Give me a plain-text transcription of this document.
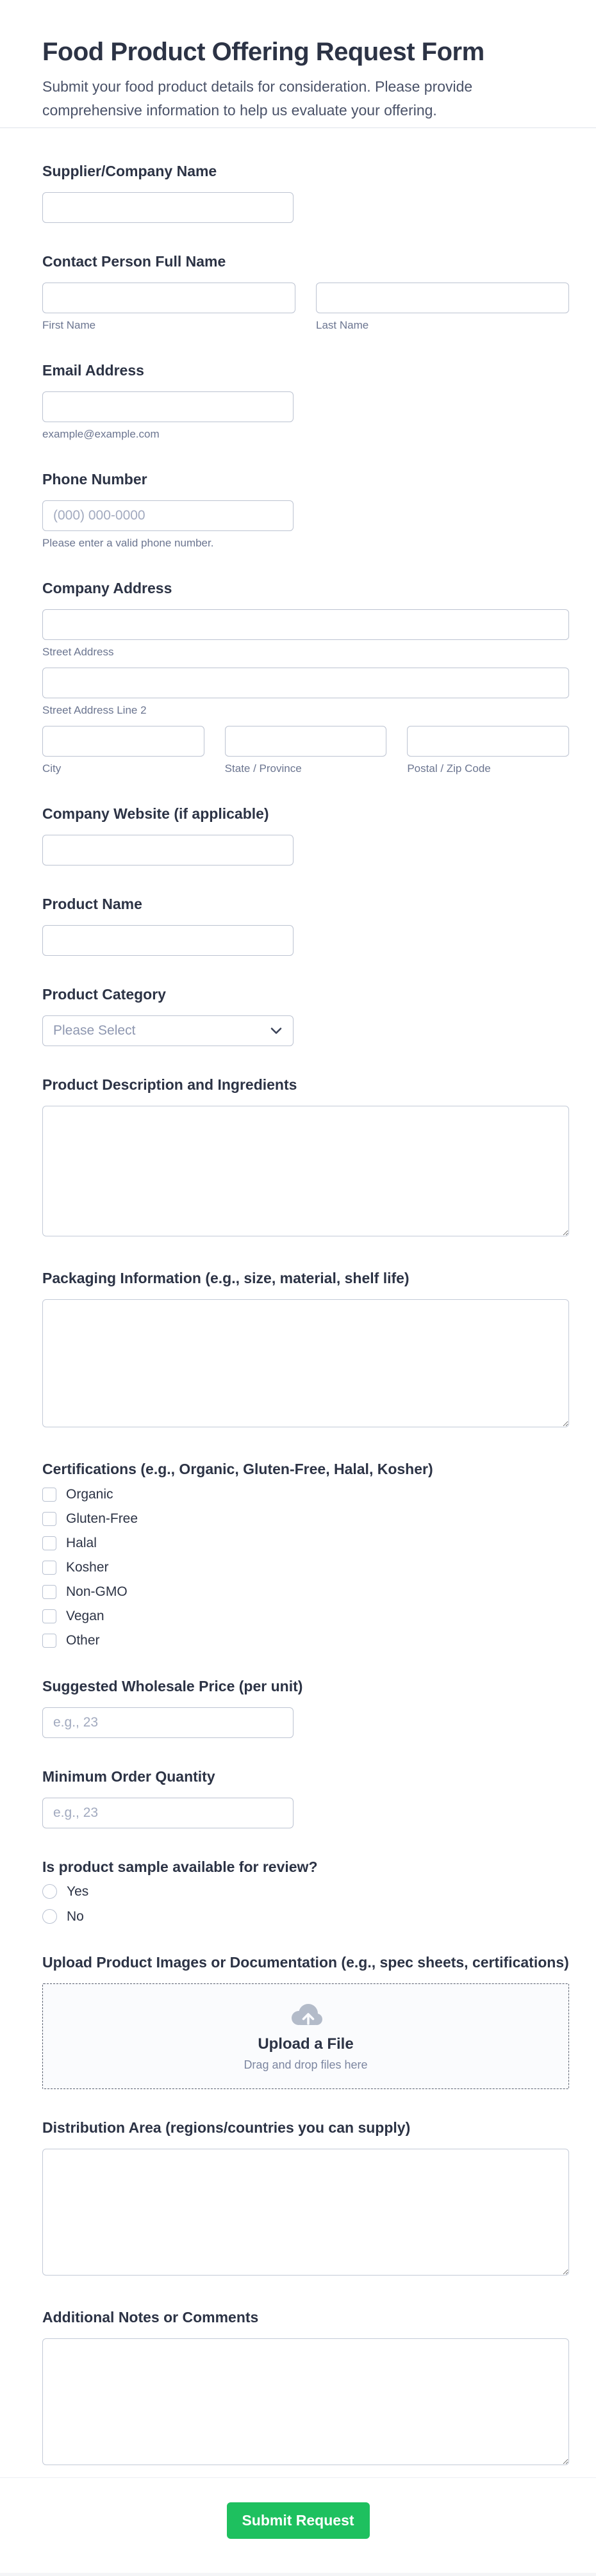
Food Product Offering Request Form
Submit your food product details for consideration. Please provide comprehensive information to help us evaluate your offering.
Supplier/Company Name
Contact Person Full Name
First Name	Last Name
Email Address
example@example.com
Phone Number
(000) 000-0000
Please enter a valid phone number.
Company Address
Street Address
Street Address Line 2
City	State / Province	Postal / Zip Code
Company Website (if applicable)
Product Name
Product Category
Please Select
Product Description and Ingredients
Packaging Information (e.g., size, material, shelf life)
Certifications (e.g., Organic, Gluten-Free, Halal, Kosher)
Organic
Gluten-Free
Halal
Kosher
Non-GMO
Vegan
Other
Suggested Wholesale Price (per unit)
e.g., 23
Minimum Order Quantity
e.g., 23
Is product sample available for review?
Yes
No
Upload Product Images or Documentation (e.g., spec sheets, certifications)
Upload a File
Drag and drop files here
Distribution Area (regions/countries you can supply)
Additional Notes or Comments
Submit Request
